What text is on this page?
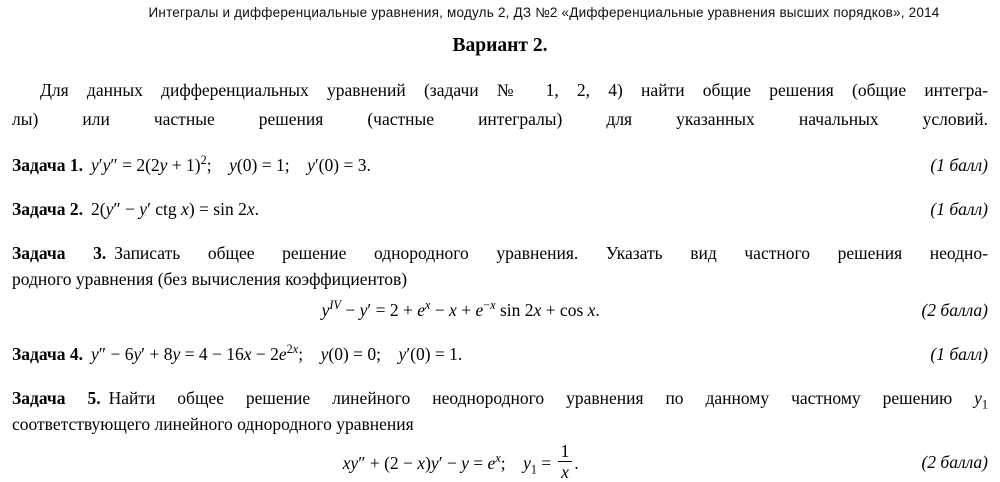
Интегралы и дифференциальные уравнения, модуль 2, ДЗ №2 «Дифференциальные уравнения высших порядков», 2014
Вариант 2.

Для данных дифференциальных уравнений (задачи № 1, 2, 4) найти общие решения (общие интегра-
лы) или частные решения (частные интегралы) для указанных начальных условий.

Задача 1. $y'y'' = 2(2y + 1)^2$;    y(0) = 1;    y′(0) = 3.	(1 балл)
Задача 2. 2(y″ − y′ ctg x) = sin 2x.	(1 балл)
Задача 3. Записать общее решение однородного уравнения. Указать вид частного решения неодно-
родного уравнения (без вычисления коэффициентов)
$y^{IV} - y' = 2 + e^x - x + e^{-x}$ sin 2x + cos x.	(2 балла)
Задача 4. $y'' - 6y' + 8y = 4 - 16x - 2e^{2x}$;    y(0) = 0;    y′(0) = 1.	(1 балл)
Задача 5. Найти общее решение линейного неоднородного уравнения по данному частному решению $y_1$
соответствующего линейного однородного уравнения
$xy'' + (2 - x)y' - y = e^x$;    $y_1 = \frac{1}{x}$ .	(2 балла)
